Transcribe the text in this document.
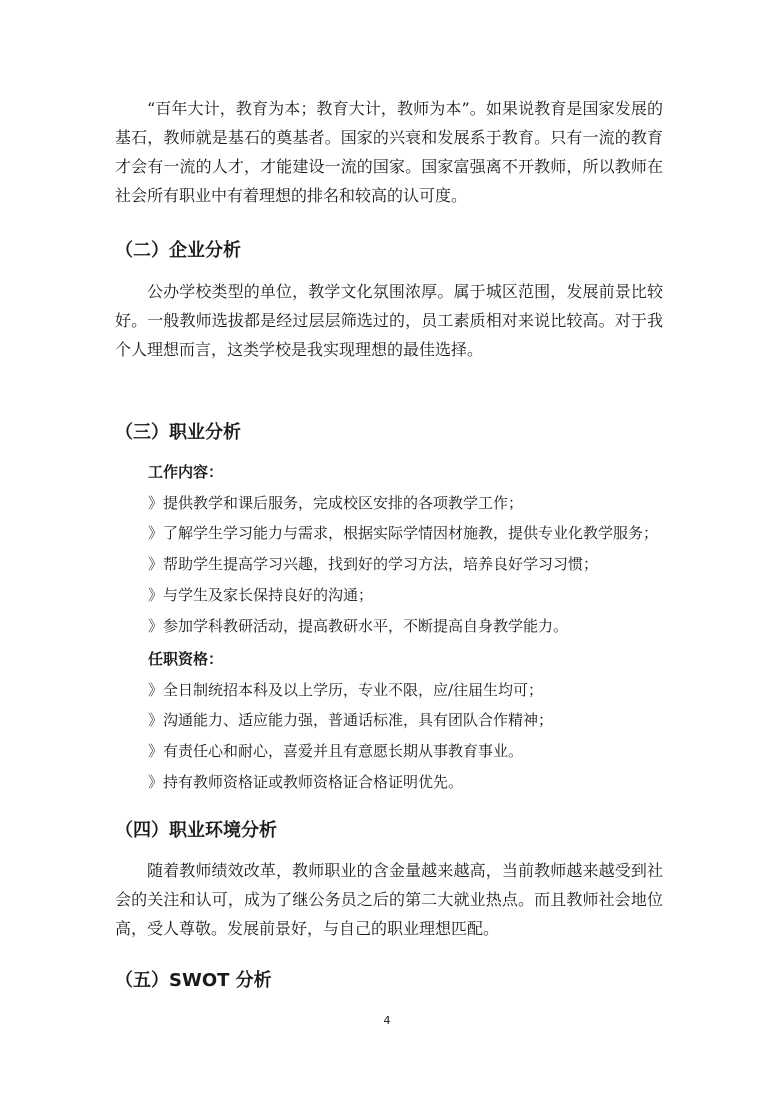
“百年大计，教育为本；教育大计，教师为本”。如果说教育是国家发展的基石，教师就是基石的奠基者。国家的兴衰和发展系于教育。只有一流的教育才会有一流的人才，才能建设一流的国家。国家富强离不开教师，所以教师在社会所有职业中有着理想的排名和较高的认可度。

（二）企业分析

公办学校类型的单位，教学文化氛围浓厚。属于城区范围，发展前景比较好。一般教师选拔都是经过层层筛选过的，员工素质相对来说比较高。对于我个人理想而言，这类学校是我实现理想的最佳选择。

（三）职业分析
工作内容：
》提供教学和课后服务，完成校区安排的各项教学工作；
》了解学生学习能力与需求，根据实际学情因材施教，提供专业化教学服务；
》帮助学生提高学习兴趣，找到好的学习方法，培养良好学习习惯；
》与学生及家长保持良好的沟通；
》参加学科教研活动，提高教研水平，不断提高自身教学能力。
任职资格：
》全日制统招本科及以上学历，专业不限，应/往届生均可；
》沟通能力、适应能力强，普通话标准，具有团队合作精神；
》有责任心和耐心，喜爱并且有意愿长期从事教育事业。
》持有教师资格证或教师资格证合格证明优先。
（四）职业环境分析

随着教师绩效改革，教师职业的含金量越来越高，当前教师越来越受到社会的关注和认可，成为了继公务员之后的第二大就业热点。而且教师社会地位高，受人尊敬。发展前景好，与自己的职业理想匹配。

（五）SWOT 分析
4
